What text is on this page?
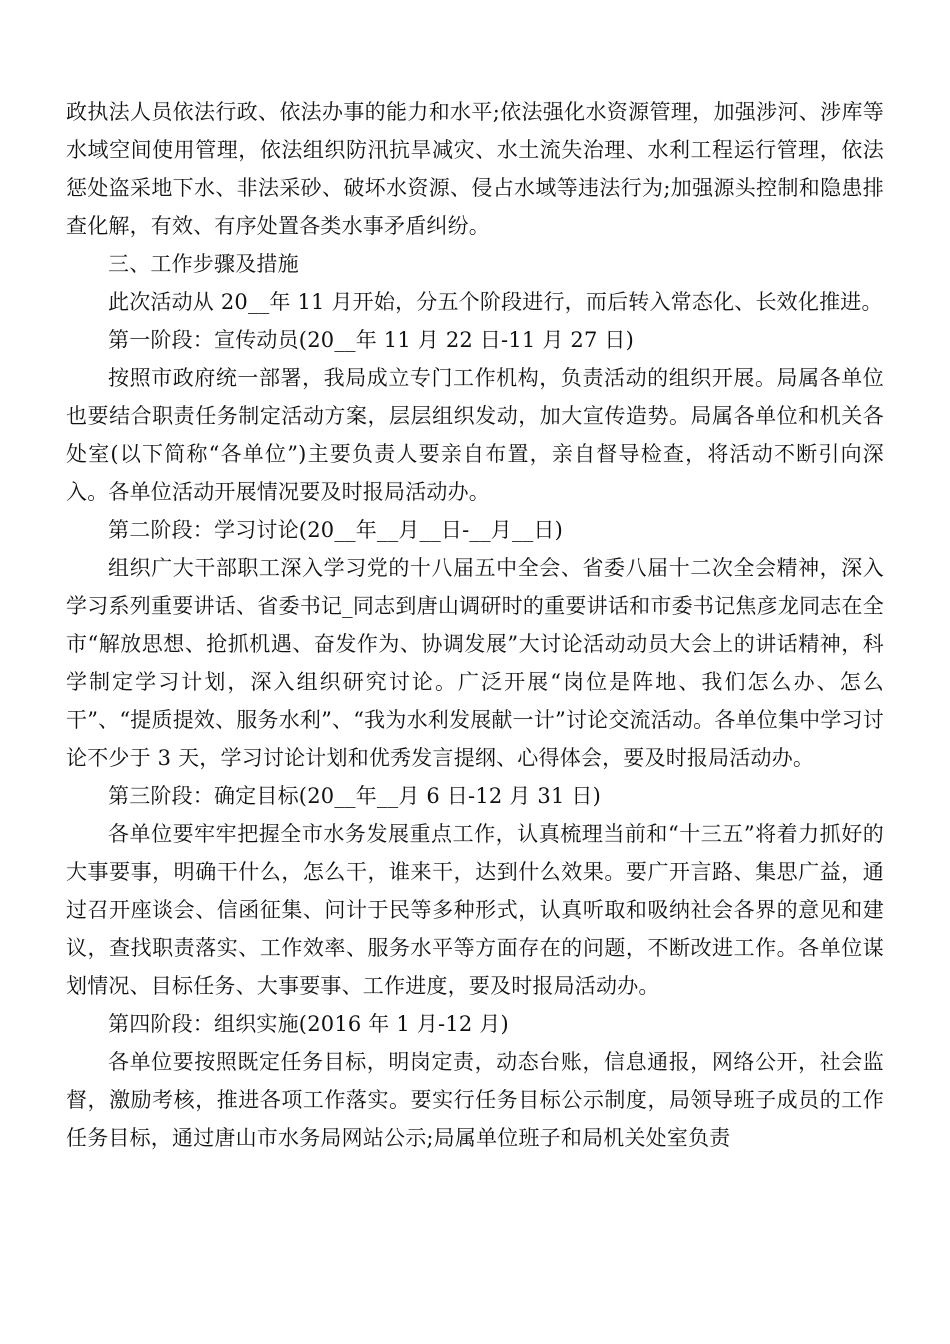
政执法人员依法行政、依法办事的能力和水平;依法强化水资源管理，加强涉河、涉库等水域空间使用管理，依法组织防汛抗旱减灾、水土流失治理、水利工程运行管理，依法惩处盗采地下水、非法采砂、破坏水资源、侵占水域等违法行为;加强源头控制和隐患排查化解，有效、有序处置各类水事矛盾纠纷。

三、工作步骤及措施

此次活动从 20__年 11 月开始，分五个阶段进行，而后转入常态化、长效化推进。

第一阶段：宣传动员(20__年 11 月 22 日-11 月 27 日)

按照市政府统一部署，我局成立专门工作机构，负责活动的组织开展。局属各单位也要结合职责任务制定活动方案，层层组织发动，加大宣传造势。局属各单位和机关各处室(以下简称“各单位”)主要负责人要亲自布置，亲自督导检查，将活动不断引向深入。各单位活动开展情况要及时报局活动办。

第二阶段：学习讨论(20__年__月__日-__月__日)

组织广大干部职工深入学习党的十八届五中全会、省委八届十二次全会精神，深入学习系列重要讲话、省委书记_同志到唐山调研时的重要讲话和市委书记焦彦龙同志在全市“解放思想、抢抓机遇、奋发作为、协调发展”大讨论活动动员大会上的讲话精神，科学制定学习计划，深入组织研究讨论。广泛开展“岗位是阵地、我们怎么办、怎么干”、“提质提效、服务水利”、“我为水利发展献一计”讨论交流活动。各单位集中学习讨论不少于 3 天，学习讨论计划和优秀发言提纲、心得体会，要及时报局活动办。

第三阶段：确定目标(20__年__月 6 日-12 月 31 日)

各单位要牢牢把握全市水务发展重点工作，认真梳理当前和“十三五”将着力抓好的大事要事，明确干什么，怎么干，谁来干，达到什么效果。要广开言路、集思广益，通过召开座谈会、信函征集、问计于民等多种形式，认真听取和吸纳社会各界的意见和建议，查找职责落实、工作效率、服务水平等方面存在的问题，不断改进工作。各单位谋划情况、目标任务、大事要事、工作进度，要及时报局活动办。

第四阶段：组织实施(2016 年 1 月-12 月)

各单位要按照既定任务目标，明岗定责，动态台账，信息通报，网络公开，社会监督，激励考核，推进各项工作落实。要实行任务目标公示制度，局领导班子成员的工作任务目标，通过唐山市水务局网站公示;局属单位班子和局机关处室负责
